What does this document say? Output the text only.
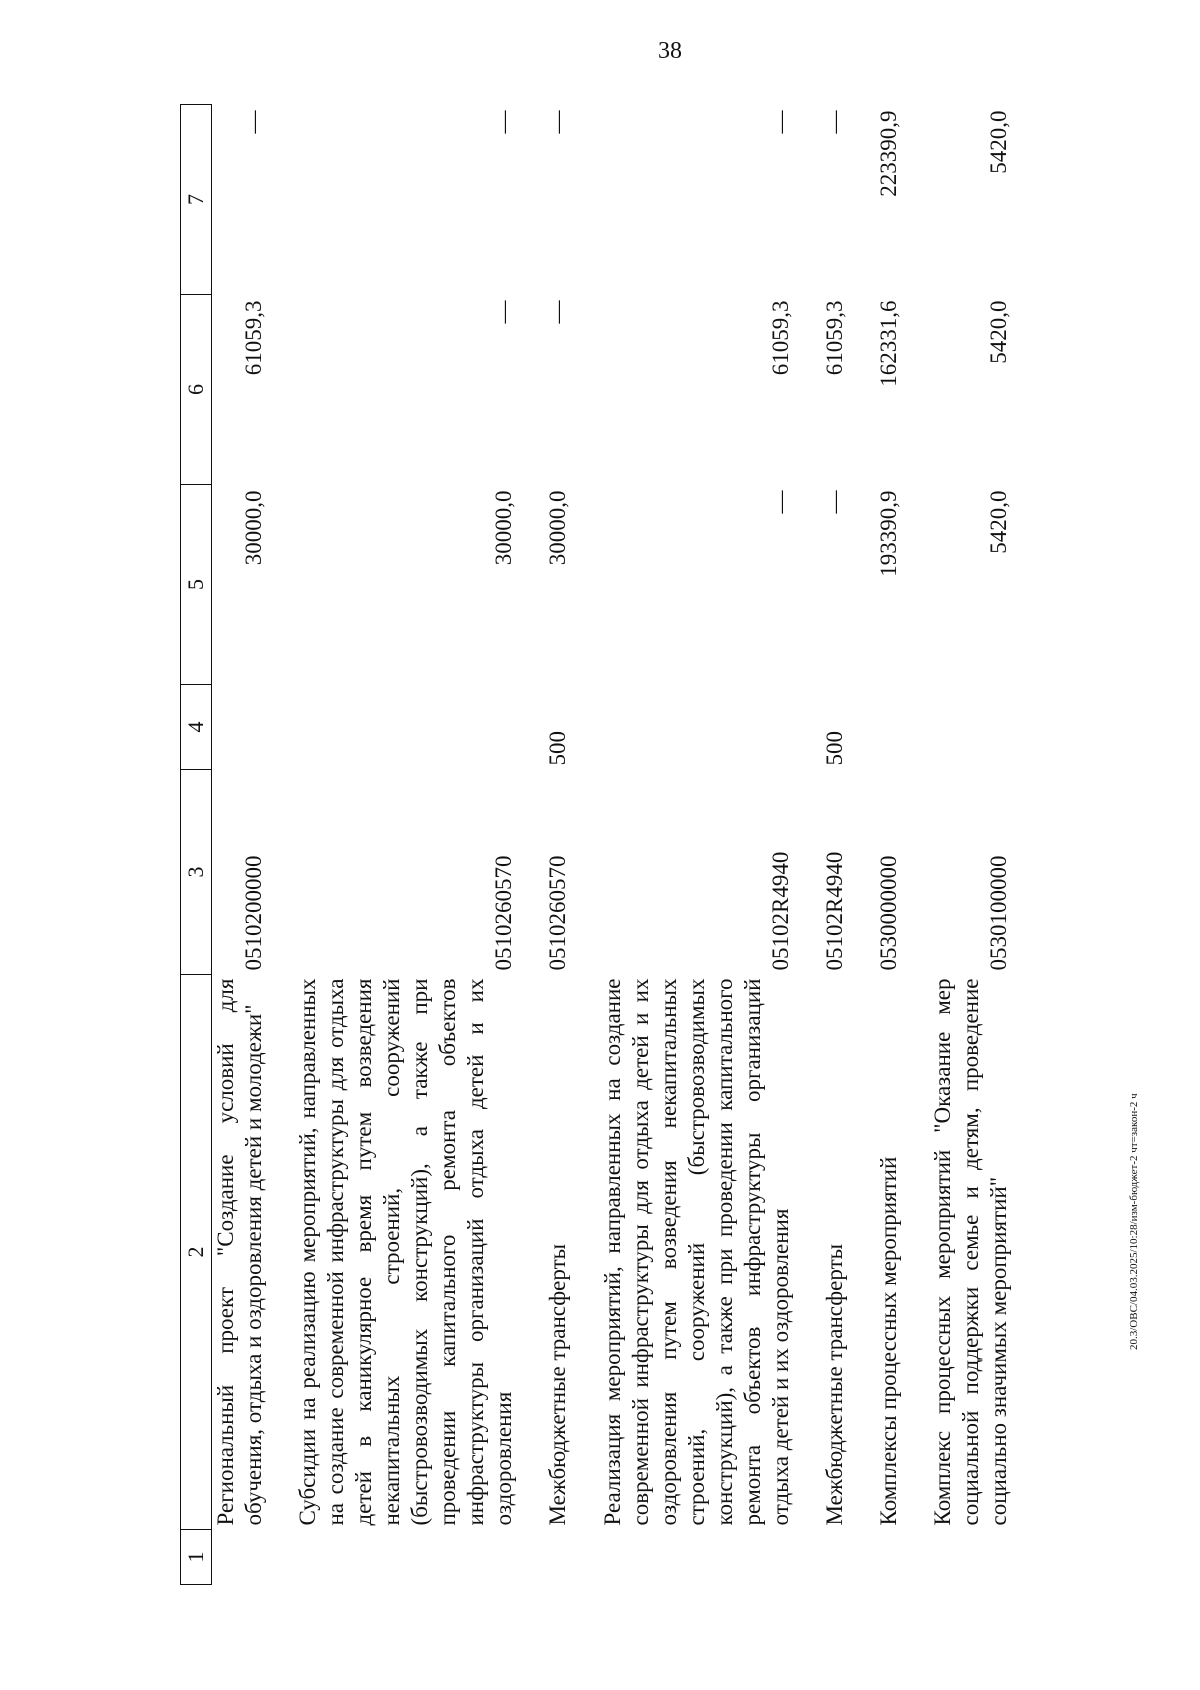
38
20.3/ОВС/04.03.2025/10:28/изм-бюджет-2 чт=закон-2 ч
1	2	3	4	5	6	7
	Региональный проект "Создание условий для обучения, отдыха и оздоровления детей и молодежи"	0510200000		30000,0	61059,3	—
	Субсидии на реализацию мероприятий, направленных на создание современной инфраструктуры для отдыха детей в каникулярное время путем возведения некапитальных строений, сооружений (быстровозводимых конструкций), а также при проведении капитального ремонта объектов инфраструктуры организаций отдыха детей и их оздоровления	0510260570		30000,0	—	—
	Межбюджетные трансферты	0510260570	500	30000,0	—	—
	Реализация мероприятий, направленных на создание современной инфраструктуры для отдыха детей и их оздоровления путем возведения некапитальных строений, сооружений (быстровозводимых конструкций), а также при проведении капитального ремонта объектов инфраструктуры организаций отдыха детей и их оздоровления	05102R4940		—	61059,3	—
	Межбюджетные трансферты	05102R4940	500	—	61059,3	—
	Комплексы процессных мероприятий	0530000000		193390,9	162331,6	223390,9
	Комплекс процессных мероприятий "Оказание мер социальной поддержки семье и детям, проведение социально значимых мероприятий"	0530100000		5420,0	5420,0	5420,0
